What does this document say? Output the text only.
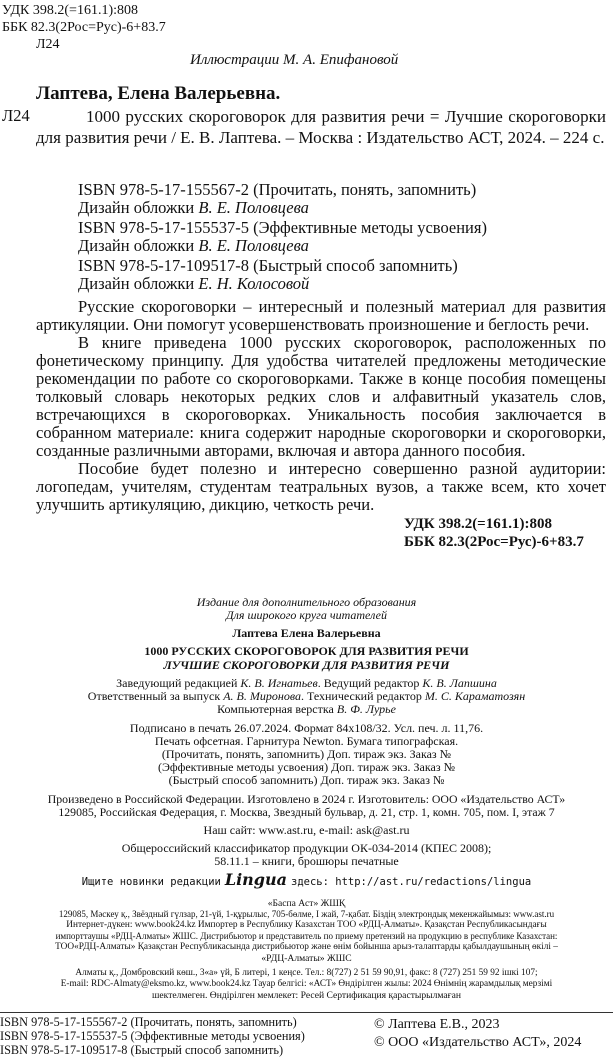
УДК 398.2(=161.1):808
ББК 82.3(2Рос=Рус)-6+83.7
Л24
Иллюстрации М. А. Епифановой
Лаптева, Елена Валерьевна.
Л24	1000 русских скороговорок для развития речи = Лучшие скороговорки для развития речи / Е. В. Лаптева. – Москва : Издательство АСТ, 2024. – 224 с.
ISBN 978-5-17-155567-2 (Прочитать, понять, запомнить)
Дизайн обложки В. Е. Половцева
ISBN 978-5-17-155537-5 (Эффективные методы усвоения)
Дизайн обложки В. Е. Половцева
ISBN 978-5-17-109517-8 (Быстрый способ запомнить)
Дизайн обложки Е. Н. Колосовой
Русские скороговорки – интересный и полезный материал для развития артикуляции. Они помогут усовершенствовать произношение и беглость речи.
В книге приведена 1000 русских скороговорок, расположенных по фонетическому принципу. Для удобства читателей предложены методические рекомендации по работе со скороговорками. Также в конце пособия помещены толковый словарь некоторых редких слов и алфавитный указатель слов, встречающихся в скороговорках. Уникальность пособия заключается в собранном материале: книга содержит народные скороговорки и скороговорки, созданные различными авторами, включая и автора данного пособия.
Пособие будет полезно и интересно совершенно разной аудитории: логопедам, учителям, студентам театральных вузов, а также всем, кто хочет улучшить артикуляцию, дикцию, четкость речи.
УДК 398.2(=161.1):808
ББК 82.3(2Рос=Рус)-6+83.7
Издание для дополнительного образования
Для широкого круга читателей
Лаптева Елена Валерьевна
1000 РУССКИХ СКОРОГОВОРОК ДЛЯ РАЗВИТИЯ РЕЧИ
ЛУЧШИЕ СКОРОГОВОРКИ ДЛЯ РАЗВИТИЯ РЕЧИ
Заведующий редакцией К. В. Игнатьев. Ведущий редактор К. В. Лапшина
Ответственный за выпуск А. В. Миронова. Технический редактор М. С. Караматозян
Компьютерная верстка В. Ф. Лурье
Подписано в печать 26.07.2024. Формат 84x108/32. Усл. печ. л. 11,76.
Печать офсетная. Гарнитура Newton. Бумага типографская.
(Прочитать, понять, запомнить) Доп. тираж экз. Заказ №
(Эффективные методы усвоения) Доп. тираж экз. Заказ №
(Быстрый способ запомнить) Доп. тираж экз. Заказ №
Произведено в Российской Федерации. Изготовлено в 2024 г. Изготовитель: ООО «Издательство АСТ»
129085, Российская Федерация, г. Москва, Звездный бульвар, д. 21, стр. 1, комн. 705, пом. I, этаж 7
Наш сайт: www.ast.ru, e-mail: ask@ast.ru
Общероссийский классификатор продукции ОК-034-2014 (КПЕС 2008);
58.11.1 – книги, брошюры печатные
Ищите новинки редакции Lingua здесь: http://ast.ru/redactions/lingua
«Баспа Аст» ЖШҚ
129085, Мәскеу қ., Звёздный гүлзар, 21-үй, 1-құрылыс, 705-бөлме, I жай, 7-қабат. Біздің электрондық мекенжайымыз: www.ast.ru
Интернет-дүкен: www.book24.kz Импортер в Республику Казахстан ТОО «РДЦ-Алматы». Қазақстан Республикасындағы
импорттаушы «РДЦ-Алматы» ЖШС. Дистрибьютор и представитель по приему претензий на продукцию в республике Казахстан:
ТОО«РДЦ-Алматы» Қазақстан Республикасында дистрибьютор және өнім бойынша арыз-талаптарды қабылдаушының өкілі –
«РДЦ-Алматы» ЖШС
Алматы қ., Домбровский көш., 3«а» үй, Б литері, 1 кеңсе. Тел.: 8(727) 2 51 59 90,91, факс: 8 (727) 251 59 92 ішкі 107;
E-mail: RDC-Almaty@eksmo.kz, www.book24.kz Тауар белгісі: «АСТ» Өндірілген жылы: 2024 Өнімнің жарамдылық мерзімі
шектелмеген. Өндірілген мемлекет: Ресей Сертификация қарастырылмаған
ISBN 978-5-17-155567-2 (Прочитать, понять, запомнить)
ISBN 978-5-17-155537-5 (Эффективные методы усвоения)
ISBN 978-5-17-109517-8 (Быстрый способ запомнить)
© Лаптева Е.В., 2023
© ООО «Издательство АСТ», 2024
